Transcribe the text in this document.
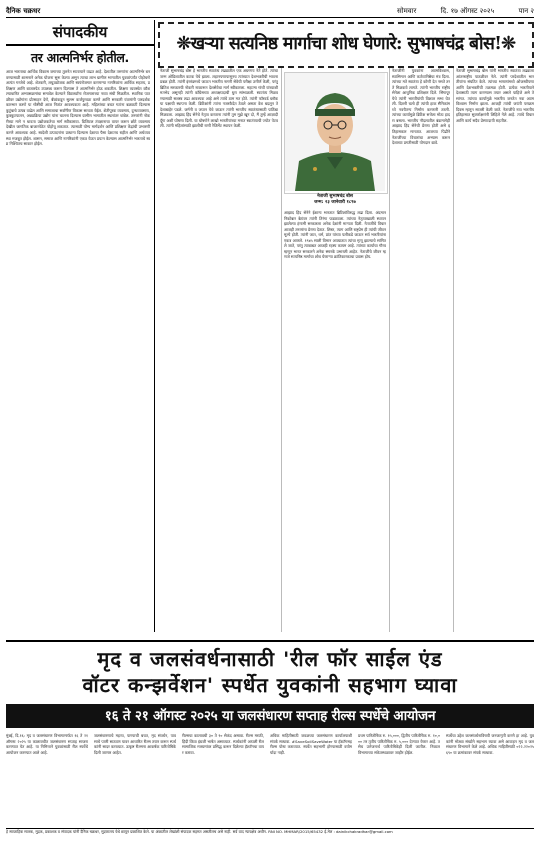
दैनिक चक्रधर	सोमवार	दि. १७ ऑगस्ट २०२५	पान २
संपादकीय
तर आत्मनिर्भर होतील.
आज भारताचा आर्थिक विकास जगाच्या तुलनेत सातत्याने वाढत आहे. देशातील तरुणांना आत्मनिर्भर बनवण्यासाठी शासनाने अनेक योजना सुरू केल्या असून त्याचा लाभ ग्रामीण भागातील युवकांपर्यंत पोहोचणे अत्यंत गरजेचे आहे. शेतकरी, लघुउद्योजक आणि स्वयंरोजगार करणाऱ्या नागरिकांना आर्थिक सहाय्य, प्रशिक्षण आणि बाजारपेठ उपलब्ध करून दिल्यास ते आत्मनिर्भर होऊ शकतील. शिक्षण व्यवस्थेत कौशल्याधारित अभ्यासक्रमांचा समावेश केल्याने विद्यार्थ्यांना रोजगाराच्या नव्या संधी मिळतील. स्थानिक पातळीवर उद्योगांना प्रोत्साहन देणे, बँकांकडून सुलभ कर्जपुरवठा करणे आणि सरकारी यंत्रणांनी पारदर्शक कारभार करणे या गोष्टींची आज नितांत आवश्यकता आहे. महिलांच्या बचत गटांना बळकटी दिल्यास कुटुंबाचे उत्पन्न वाढेल आणि समाजाचा सर्वांगीण विकास साधता येईल. शेतीपूरक व्यवसाय, दुग्धव्यवसाय, कुक्कुटपालन, अन्नप्रक्रिया उद्योग यांना चालना दिल्यास ग्रामीण भागातील स्थलांतर थांबेल. तरुणांनी नोकरीच्या मागे न धावता उद्योजकतेचा मार्ग स्वीकारावा. डिजिटल तंत्रज्ञानाचा वापर करून छोटे व्यवसाय देखील जागतिक बाजारपेठेत पोहोचू शकतात. त्यासाठी योग्य मार्गदर्शन आणि प्रशिक्षण केंद्रांची उभारणी करणे आवश्यक आहे. स्वदेशी उत्पादनांना प्राधान्य दिल्यास देशाचा पैसा देशातच राहील आणि अर्थव्यवस्था मजबूत होईल. शासन, समाज आणि नागरिकांनी एकत्र येऊन प्रयत्न केल्यास आत्मनिर्भर भारताचे स्वप्न निश्चितच साकार होईल.
❊खऱ्या सत्यनिष्ठ मार्गाचा शोध घेणारे: सुभाषचंद्र बोस!❊
नेताजी सुभाषचंद्र बोस हे भारतीय स्वातंत्र्य लढ्यातील एक अग्रगण्य नेते होते. त्यांचा जन्म ओडिशातील कटक येथे झाला. लहानपणापासूनच त्यांच्यात देशभक्तीची भावना प्रबळ होती. त्यांनी इंग्लंडमध्ये जाऊन भारतीय नागरी सेवेची परीक्षा उत्तीर्ण केली, परंतु ब्रिटिश सरकारची नोकरी नाकारून देशसेवेचा मार्ग स्वीकारला. महात्मा गांधी यांच्याशी मतभेद असूनही त्यांनी काँग्रेसच्या अध्यक्षपदाची धुरा सांभाळली. स्वातंत्र्य मिळवण्यासाठी सशस्त्र लढा आवश्यक आहे असे त्यांचे ठाम मत होते. त्यांनी फॉरवर्ड ब्लॉक या पक्षाची स्थापना केली. ब्रिटिशांनी त्यांना नजरकैदेत ठेवले असता वेश बदलून ते देशाबाहेर पडले. जर्मनी व जपान येथे जाऊन त्यांनी भारतीय स्वातंत्र्यासाठी पाठिंबा मिळवला. आझाद हिंद सेनेचे नेतृत्व करताना त्यांनी तुम मुझे खून दो, मैं तुम्हें आज़ादी दूँगा अशी घोषणा दिली. या घोषणेने लाखो भारतीयांच्या मनात स्वातंत्र्याची ज्योत पेटवली. त्यांनी महिलांसाठी झाशीची राणी रेजिमेंट स्थापन केली.
नेताजी सुभाषचंद्र बोस
जन्म: २३ जानेवारी १८९७
आझाद हिंद सेनेने ईशान्य भारतात ब्रिटिशांविरुद्ध लढा दिला. अंदमान निकोबार बेटांवर त्यांनी तिरंगा फडकवला. त्यांच्या नेतृत्वाखाली स्थापन झालेल्या हंगामी सरकारला अनेक देशांनी मान्यता दिली. नेताजींचे विचार आजही तरुणांना प्रेरणा देतात. शिस्त, त्याग आणि राष्ट्रप्रेम ही त्यांची जीवनमूल्ये होती. त्यांनी जात, धर्म, प्रांत यांच्या पलीकडे जाऊन सर्व भारतीयांना एकत्र आणले. १९४५ साली विमान अपघातात त्यांचा मृत्यू झाल्याचे सांगितले जाते, परंतु त्याबाबत आजही रहस्य कायम आहे. त्यांच्या कार्याचा गौरव म्हणून भारत सरकारने अनेक स्मारके उभारली आहेत. नेताजींचे जीवन म्हणजे सत्यनिष्ठ मार्गाचा शोध घेणाऱ्या क्रांतिकारकाचा प्रवास होय.
नेताजींनी युवकांना आत्मविश्वास, स्वाभिमान आणि कर्तव्यनिष्ठेचा मंत्र दिला. त्यांच्या मते स्वातंत्र्य हे कोणी देत नसते तर ते मिळवावे लागते. त्यांनी भारतीय राष्ट्रीय सेनेला आधुनिक प्रशिक्षण दिले. सिंगापूर येथे त्यांनी भारतीयांची विशाल सभा घेतली. दिल्ली चलो ही त्यांची हाक सैनिकांमध्ये नवचैतन्य निर्माण करणारी ठरली. त्यांच्या कार्यामुळे ब्रिटिश सत्तेला मोठा हादरा बसला. भारतीय नौदलातील बंडामागेही आझाद हिंद सेनेची प्रेरणा होती असे इतिहासकार मानतात. आजच्या पिढीने नेताजींच्या विचारांचा अभ्यास करून देशाच्या प्रगतीसाठी योगदान द्यावे.
नेताजी सुभाषचंद्र बोस यांनी भारतीय स्वातंत्र्य लढ्याला आंतरराष्ट्रीय पातळीवर नेले. त्यांनी परदेशातील भारतीयांना संघटित केले. त्यांच्या भाषणांमध्ये ओजस्वीपणा आणि देशभक्तीची तळमळ होती. प्रत्येक भारतीयाने देशासाठी त्याग करण्यास तयार असले पाहिजे असे ते सांगत. त्यांच्या कार्यामुळे भारतीय जनतेत नवा आत्मविश्वास निर्माण झाला. आजही त्यांची जयंती पराक्रम दिवस म्हणून साजरी केली जाते. नेताजींचे नाव भारतीय इतिहासात सुवर्णाक्षरांनी लिहिले गेले आहे. त्यांचे विचार आणि कार्य सदैव प्रेरणादायी राहतील.
मृद व जलसंवर्धनासाठी 'रील फॉर साईल एंड
वॉटर कन्झर्वेशन' स्पर्धेत युवकांनी सहभाग घ्यावा
१६ ते २१ ऑगस्ट २०२५ या जलसंधारण सप्ताह रील्स स्पर्धेचे आयोजन
मुंबई, दि.१६: मृद व जलसंधारण विभागामार्फत १६ ते २१ ऑगस्ट २०२५ या कालावधीत जलसंधारण सप्ताह साजरा करण्यात येत आहे. या निमित्ताने युवकांसाठी रील स्पर्धेचे आयोजन करण्यात आले आहे.
जलसंधारणाचे महत्त्व, पाण्याची बचत, मृद संवर्धन, पावसाचे पाणी साठवण यावर आधारित रील्स तयार करून स्पर्धकांनी सादर कराव्यात. उत्कृष्ट रील्सना आकर्षक पारितोषिके दिली जाणार आहेत.
रील्सचा कालावधी ३० ते ९० सेकंद असावा. रील्स मराठी, हिंदी किंवा इंग्रजी भाषेत असाव्यात. स्पर्धकांनी आपली रील सामाजिक माध्यमांवर प्रसिद्ध करून दिलेल्या हॅशटॅगचा वापर करावा.
अधिक माहितीसाठी जवळच्या जलसंधारण कार्यालयाशी संपर्क साधावा. #SaveSoilSaveWater या हॅशटॅगसह रील्स पोस्ट कराव्यात. स्पर्धेत सहभागी होण्यासाठी वयोमर्यादा नाही.
प्रथम पारितोषिक रु. १५,०००, द्वितीय पारितोषिक रु. १०,००० तर तृतीय पारितोषिक रु. ५,००० देण्यात येणार आहे. तसेच उत्तेजनार्थ पारितोषिकेही दिली जातील. निकाल विभागाच्या संकेतस्थळावर जाहीर होईल.
स्पर्धेचा उद्देश जलसंवर्धनाविषयी जनजागृती करणे हा आहे. युवकांनी मोठ्या संख्येने सहभाग घ्यावा असे आवाहन मृद व जलसंधारण विभागाने केले आहे. अधिक माहितीसाठी ०२२-२२०२५६९० या क्रमांकावर संपर्क साधावा.
हे साप्ताहिक मालक, मुद्रक, प्रकाशक व संपादक यांनी दैनिक चक्रधर, मुद्रणालय येथे छापून प्रकाशित केले. या अंकातील लेखांशी संपादक सहमत असतीलच असे नाही. सर्व वाद न्यायक्षेत्र अधीन. RNI NO. MHMAR/2015/65432 ई-मेल : dainikchakradhar@gmail.com
